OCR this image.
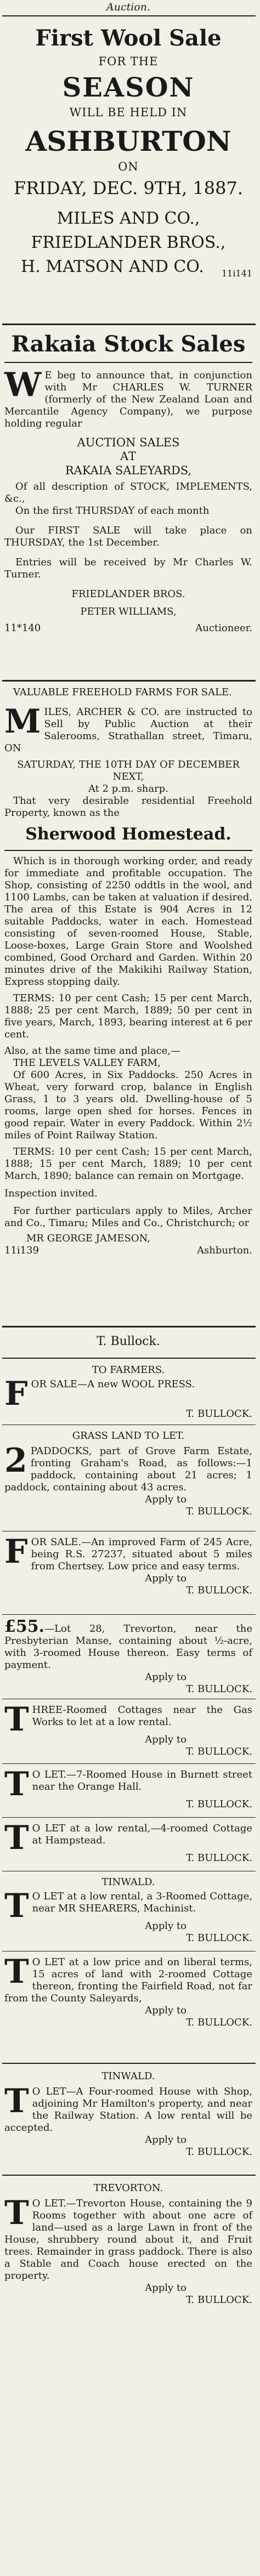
Auction.
First Wool Sale
FOR THE
SEASON
WILL BE HELD IN
ASHBURTON
ON
FRIDAY, DEC. 9TH, 1887.
MILES AND CO.,
FRIEDLANDER BROS.,
H. MATSON AND CO. 11i141
Rakaia Stock Sales

W E beg to announce that, in conjunction with Mr CHARLES W. TURNER (formerly of the New Zealand Loan and Mercantile Agency Company), we purpose holding regular

AUCTION SALES
AT
RAKAIA SALEYARDS,

Of all description of STOCK, IMPLEMENTS, &c.,

On the first THURSDAY of each month

Our FIRST SALE will take place on THURSDAY, the 1st December.

Entries will be received by Mr Charles W. Turner.

FRIEDLANDER BROS.
PETER WILLIAMS,
11*140	Auctioneer.

VALUABLE FREEHOLD FARMS FOR SALE.

MILES, ARCHER & CO. are instructed to Sell by Public Auction at their Salerooms, Strathallan street, Timaru, ON

SATURDAY, THE 10TH DAY OF DECEMBER NEXT,
At 2 p.m. sharp.

That very desirable residential Freehold Property, known as the

Sherwood Homestead.

Which is in thorough working order, and ready for immediate and profitable occupation. The Shop, consisting of 2250 oddtls in the wool, and 1100 Lambs, can be taken at valuation if desired. The area of this Estate is 904 Acres in 12 suitable Paddocks, water in each. Homestead consisting of seven-roomed House, Stable, Loose-boxes, Large Grain Store and Woolshed combined, Good Orchard and Garden. Within 20 minutes drive of the Makikihi Railway Station, Express stopping daily.

TERMS: 10 per cent Cash; 15 per cent March, 1888; 25 per cent March, 1889; 50 per cent in five years, March, 1893, bearing interest at 6 per cent.

Also, at the same time and place,—

THE LEVELS VALLEY FARM,

Of 600 Acres, in Six Paddocks. 250 Acres in Wheat, very forward crop, balance in English Grass, 1 to 3 years old. Dwelling-house of 5 rooms, large open shed for horses. Fences in good repair. Water in every Paddock. Within 2½ miles of Point Railway Station.

TERMS: 10 per cent Cash; 15 per cent March, 1888; 15 per cent March, 1889; 10 per cent March, 1890; balance can remain on Mortgage.

Inspection invited.

For further particulars apply to Miles, Archer and Co., Timaru; Miles and Co., Christchurch; or

MR GEORGE JAMESON,
11i139	Ashburton.
T. Bullock.
TO FARMERS.

FOR SALE—A new WOOL PRESS.

T. BULLOCK.
GRASS LAND TO LET.

2 PADDOCKS, part of Grove Farm Estate, fronting Graham's Road, as follows:—1 paddock, containing about 21 acres; 1 paddock, containing about 43 acres.

Apply to
T. BULLOCK.

FOR SALE.—An improved Farm of 245 Acre, being R.S. 27237, situated about 5 miles from Chertsey. Low price and easy terms.

Apply to
T. BULLOCK.

£55.—Lot 28, Trevorton, near the Presbyterian Manse, containing about ½-acre, with 3-roomed House thereon. Easy terms of payment.

Apply to
T. BULLOCK.

THREE-Roomed Cottages near the Gas Works to let at a low rental.

Apply to
T. BULLOCK.

T O LET.—7-Roomed House in Burnett street near the Orange Hall.

T. BULLOCK.

T O LET at a low rental,—4-roomed Cottage at Hampstead.

T. BULLOCK.
TINWALD.

T O LET at a low rental, a 3-Roomed Cottage, near MR SHEARERS, Machinist.

Apply to
T. BULLOCK.

T O LET at a low price and on liberal terms, 15 acres of land with 2-roomed Cottage thereon, fronting the Fairfield Road, not far from the County Saleyards,

Apply to
T. BULLOCK.
TINWALD.

T O LET—A Four-roomed House with Shop, adjoining Mr Hamilton's property, and near the Railway Station. A low rental will be accepted.

Apply to
T. BULLOCK.
TREVORTON.

T O LET.—Trevorton House, containing the 9 Rooms together with about one acre of land—used as a large Lawn in front of the House, shrubbery round about it, and Fruit trees. Remainder in grass paddock. There is also a Stable and Coach house erected on the property.

Apply to
T. BULLOCK.
